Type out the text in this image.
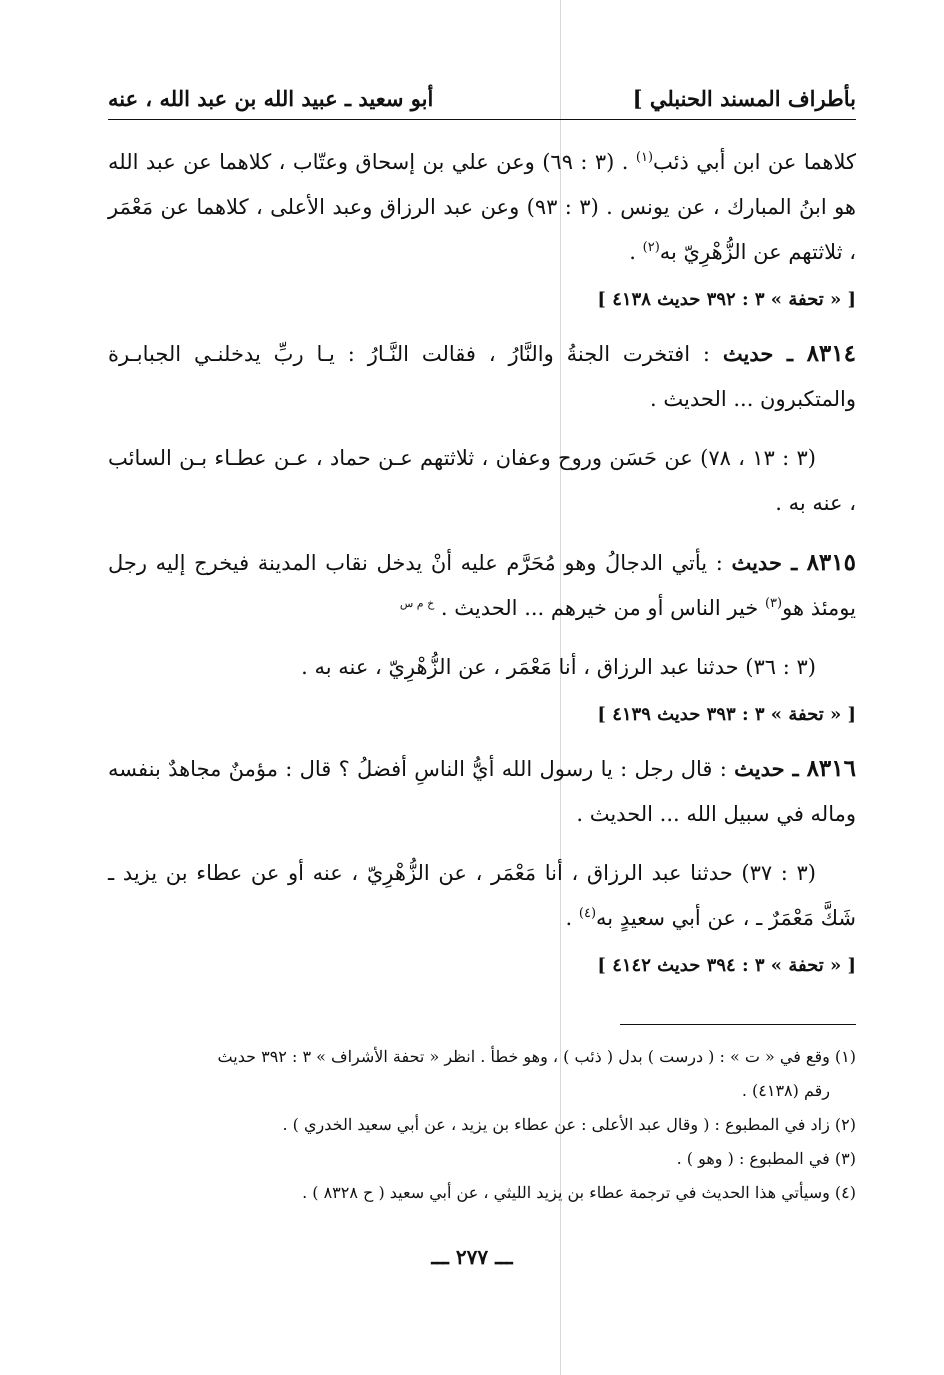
بأطراف المسند الحنبلي ]
أبو سعيد ـ عبيد الله بن عبد الله ، عنه

كلاهما عن ابن أبي ذئب$^{(١)}$ . (٣ : ٦٩) وعن علي بن إسحاق وعتّاب ، كلاهما عن عبد الله هو ابنُ المبارك ، عن يونس . (٣ : ٩٣) وعن عبد الرزاق وعبد الأعلى ، كلاهما عن مَعْمَر ، ثلاثتهم عن الزُّهْرِيّ به$^{(٢)}$ .

[ « تحفة » ٣ : ٣٩٢ حديث ٤١٣٨ ]

٨٣١٤ ـ حديث : افتخرت الجنةُ والنَّارُ ، فقالت النَّـارُ : يـا ربِّ يدخلنـي الجبابـرة والمتكبرون ... الحديث .

(٣ : ١٣ ، ٧٨) عن حَسَن وروح وعفان ، ثلاثتهم عـن حماد ، عـن عطـاء بـن السائب ، عنه به .

٨٣١٥ ـ حديث : يأتي الدجالُ وهو مُحَرَّم عليه أنْ يدخل نقاب المدينة فيخرج إليه رجل يومئذ هو$^{(٣)}$ خير الناس أو من خيرهم ... الحديث . $^{خ م س}$

(٣ : ٣٦) حدثنا عبد الرزاق ، أنا مَعْمَر ، عن الزُّهْرِيّ ، عنه به .

[ « تحفة » ٣ : ٣٩٣ حديث ٤١٣٩ ]

٨٣١٦ ـ حديث : قال رجل : يا رسول الله أيُّ الناسِ أفضلُ ؟ قال : مؤمنٌ مجاهدٌ بنفسه وماله في سبيل الله ... الحديث .

(٣ : ٣٧) حدثنا عبد الرزاق ، أنا مَعْمَر ، عن الزُّهْرِيّ ، عنه أو عن عطاء بن يزيد ـ شَكَّ مَعْمَرٌ ـ ، عن أبي سعيدٍ به$^{(٤)}$ .

[ « تحفة » ٣ : ٣٩٤ حديث ٤١٤٢ ]

(١) وقع في « ت » : ( درست ) بدل ( ذئب ) ، وهو خطأ . انظر « تحفة الأشراف » ٣ : ٣٩٢ حديث
رقم (٤١٣٨) .

(٢) زاد في المطبوع : ( وقال عبد الأعلى : عن عطاء بن يزيد ، عن أبي سعيد الخدري ) .

(٣) في المطبوع : ( وهو ) .

(٤) وسيأتي هذا الحديث في ترجمة عطاء بن يزيد الليثي ، عن أبي سعيد ( ح ٨٣٢٨ ) .

ـــ ٢٧٧ ـــ
